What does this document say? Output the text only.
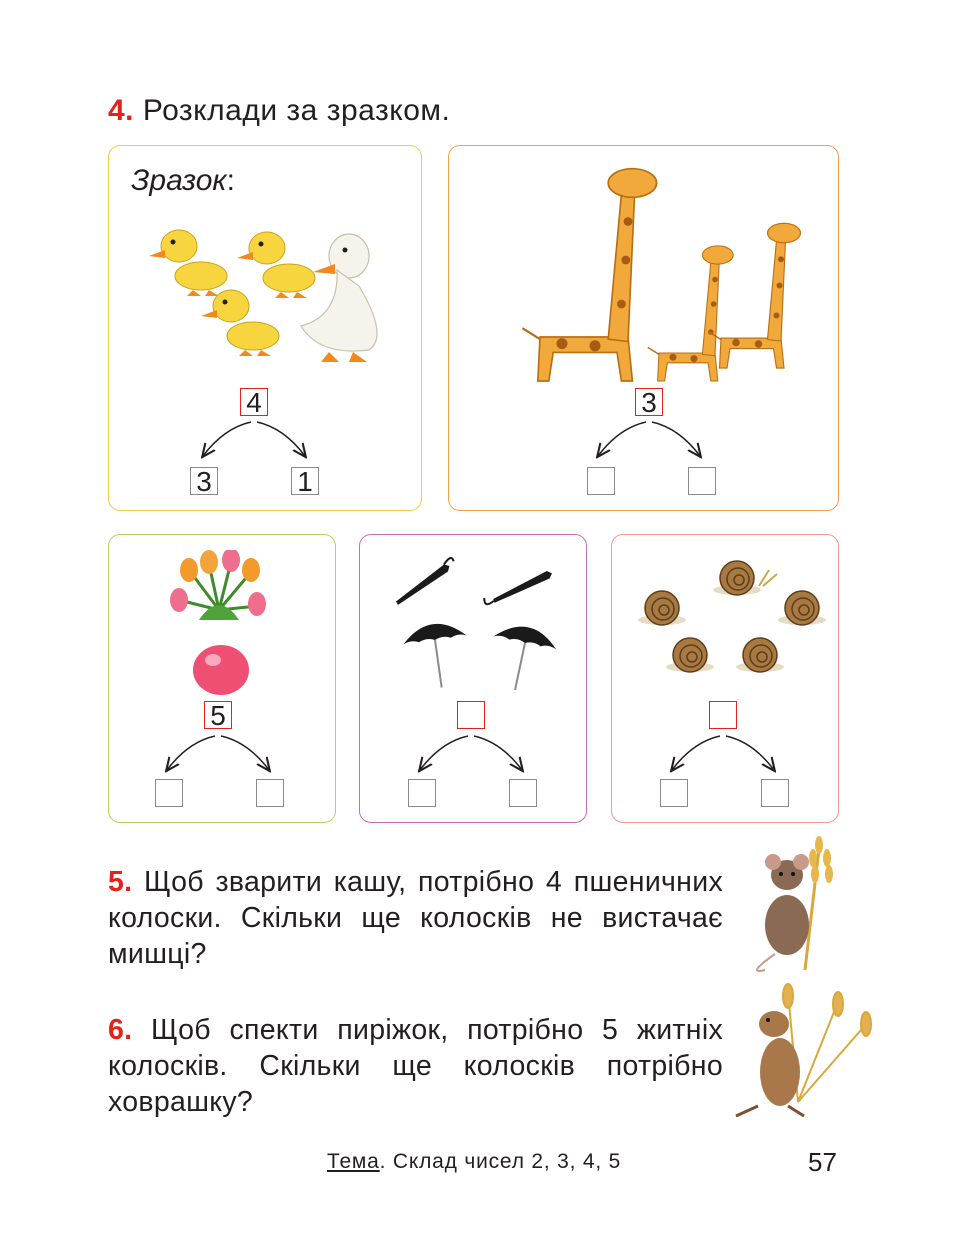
4. Розклади за зразком.
Зразок:
4
3	1
3
5
5. Щоб зварити кашу, потрібно 4 пшеничних колоски. Скільки ще колосків не вистачає мишці?
6. Щоб спекти пиріжок, потрібно 5 житніх колосків. Скільки ще колосків потрібно ховрашку?
Тема. Склад чисел 2, 3, 4, 5	57
